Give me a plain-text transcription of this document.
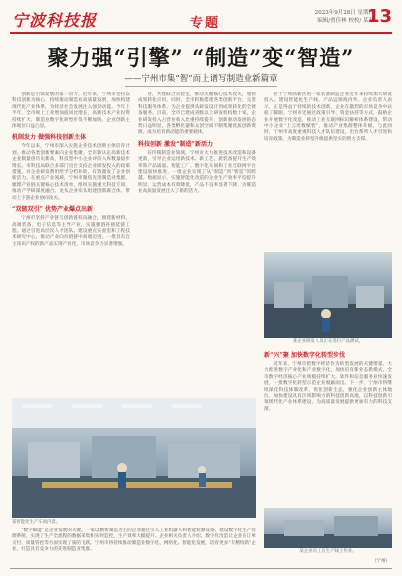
宁波科技报	专题
2023年9月28日 星期四
编辑/贾佳林 校校/ 某某
13
聚力强“引擎” “制造”变“智造”
——宁州市集“智”而上谱写制造业新篇章

创新是引领发展的第一动力。近年来，宁州市坚持以科技创新为核心，持续推动制造业高质量发展，加快构建现代化产业体系，为经济社会发展注入强劲动能。今年上半年，全市规上工业增加值同比增长，高新技术产业投资持续扩大，制造业数字化转型步伐不断加快，企业创新主体地位日益凸显。

机制发力 做强科技创新主体

今年以来，宁州市深入实施企业技术创新主体培育计划，推动各类创新要素向企业集聚。全市新认定高新技术企业数量创历史新高，科技型中小企业评价入库数量稳步增长。市科技局联合多部门出台支持企业研发投入的政策措施，对企业研发费用给予分档补助，有效激发了企业创新活力。在重点产业领域，宁州市聚焦先进制造业集群，梳理产业链关键核心技术清单，组织实施重大科技专项，推动产学研深度融合。龙头企业牵头组建创新联合体，带动上下游企业协同攻关。

“双链双引” 优势产业爆点出新

宁州市坚持产业链与创新链双向融合，围绕新材料、高端装备、电子信息等主导产业，实施强链补链延链工程。通过引进高层次人才团队、建设重点实验室和工程技术研究中心，推动产业向价值链中高端迈进。一批具有自主知识产权的新产品实现产业化，市场竞争力显著增强。

业，共建联合实验室，推动关键核心技术攻关，加快成果转化应用。同时，全市积极搭建各类创新平台，完善科技服务体系，为企业提供从研发设计到成果转化的全链条服务。目前，全市已建成省级以上研发机构数十家，企业研发投入占营业收入比重持续提升，创新驱动发展的态势日益明显。各类孵化器和众创空间不断集聚优质创新资源，成为培育新动能的重要载体。

科技创新 激发“制造”新活力

在传统制造业领域，宁州市大力推进技术改造和设备更新，引导企业运用新技术、新工艺、新装备提升生产效率和产品质量。智能工厂、数字化车间和工业互联网平台建设加快推进，一批企业实现了从“制造”到“智造”的跨越。数据显示，实施智能化改造的企业生产效率平均提升明显，运营成本有效降低，产品不良率显著下降，为制造业高质量发展注入了新的活力。

位于宁州高新区的一家装备制造企业近年来持续加大研发投入，建设智能化生产线，产品远销海内外。企业负责人表示，正是得益于持续的技术创新，企业在激烈的市场竞争中站稳了脚跟。宁州市还通过政策引导、资金扶持等方式，鼓励企业开展数字化改造，推动工业互联网标识解析体系建设，带动中小企业“上云用数赋智”，推动产业集群整体升级。与此同时，宁州市高度重视科技人才队伍建设，出台系列人才引进和培育政策，为制造业转型升级提供坚实的智力支撑。

某企业研发人员正在进行产品测试。
新“兴”聚 加快数字化转型步伐

近年来，宁州市把数字经济作为转型发展的关键增量，大力推进数字产业化和产业数字化，加快培育新业态新模式。全市数字经济核心产业规模持续扩大，软件和信息服务业快速发展，一批数字化转型示范企业脱颖而出。下一步，宁州市将继续深化科技体制改革，优化创新生态，强化企业创新主体地位，加快建设具有区域影响力的科技创新高地，以科技创新引领现代化产业体系建设，为高质量发展提供更加有力的科技支撑。

某智能化生产车间内景。
某企业员工在生产线上作业。

“数字赋能”是企业发展的关键。一家以精密制造为主的企业通过引入工业机器人和智能检测设备，建设数字化生产管理系统，实现了生产全流程的数据采集和实时监控，生产效率大幅提升。企业相关负责人介绍，数字化改造让企业在订单交付、质量管控等方面实现了质的飞跃。宁州市将持续推动制造业数字化、网络化、智能化发展，培育更多“专精特新”企业，打造具有竞争力的先进制造业集群。

（宁州）
